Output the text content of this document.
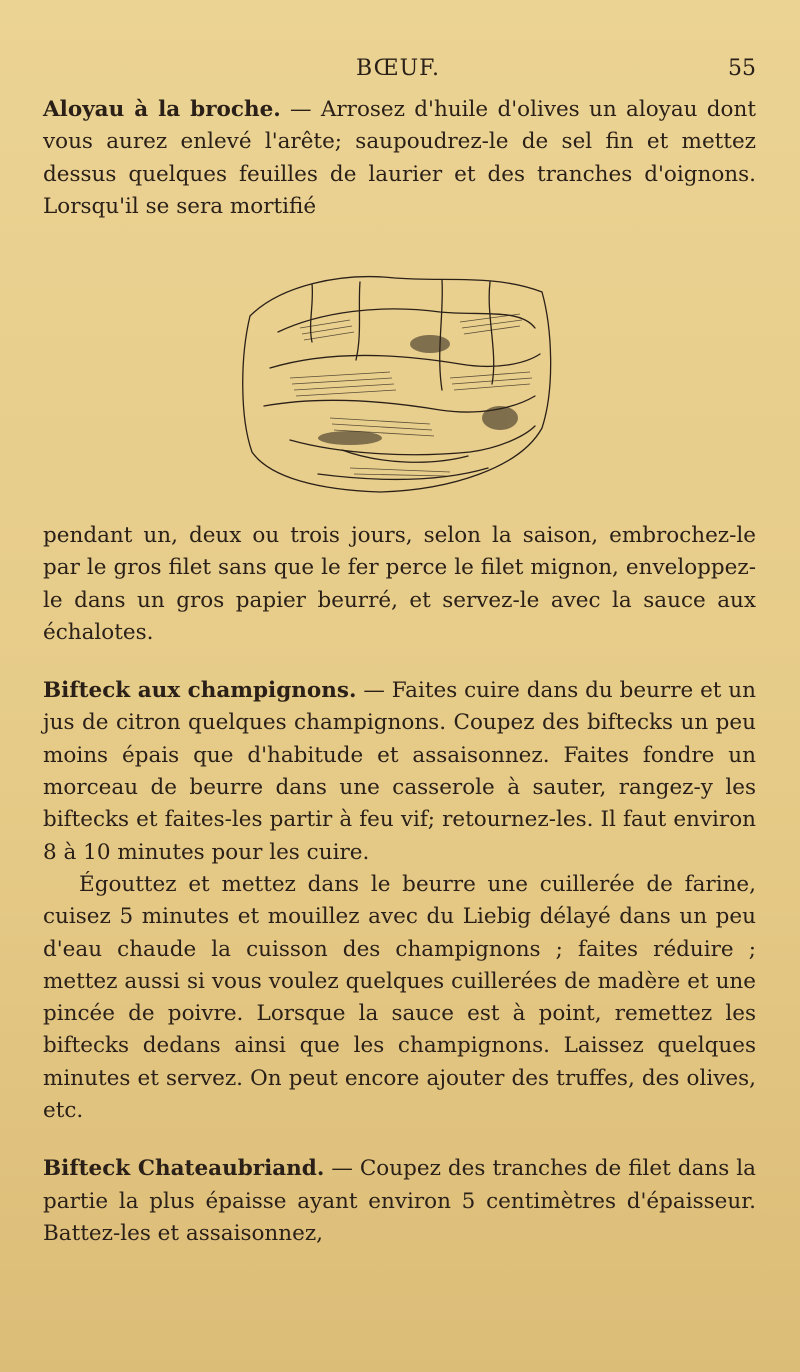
BŒUF.	55

Aloyau à la broche. — Arrosez d'huile d'olives un aloyau dont vous aurez enlevé l'arête; saupoudrez-le de sel fin et mettez dessus quelques feuilles de laurier et des tranches d'oignons. Lorsqu'il se sera mortifié

pendant un, deux ou trois jours, selon la saison, embrochez-le par le gros filet sans que le fer perce le filet mignon, enveloppez-le dans un gros papier beurré, et servez-le avec la sauce aux échalotes.

Bifteck aux champignons. — Faites cuire dans du beurre et un jus de citron quelques champignons. Coupez des biftecks un peu moins épais que d'habitude et assaisonnez. Faites fondre un morceau de beurre dans une casserole à sauter, rangez-y les biftecks et faites-les partir à feu vif; retournez-les. Il faut environ 8 à 10 minutes pour les cuire.

Égouttez et mettez dans le beurre une cuillerée de farine, cuisez 5 minutes et mouillez avec du Liebig délayé dans un peu d'eau chaude la cuisson des champignons ; faites réduire ; mettez aussi si vous voulez quelques cuillerées de madère et une pincée de poivre. Lorsque la sauce est à point, remettez les biftecks dedans ainsi que les champignons. Laissez quelques minutes et servez. On peut encore ajouter des truffes, des olives, etc.

Bifteck Chateaubriand. — Coupez des tranches de filet dans la partie la plus épaisse ayant environ 5 centimètres d'épaisseur. Battez-les et assaisonnez,
